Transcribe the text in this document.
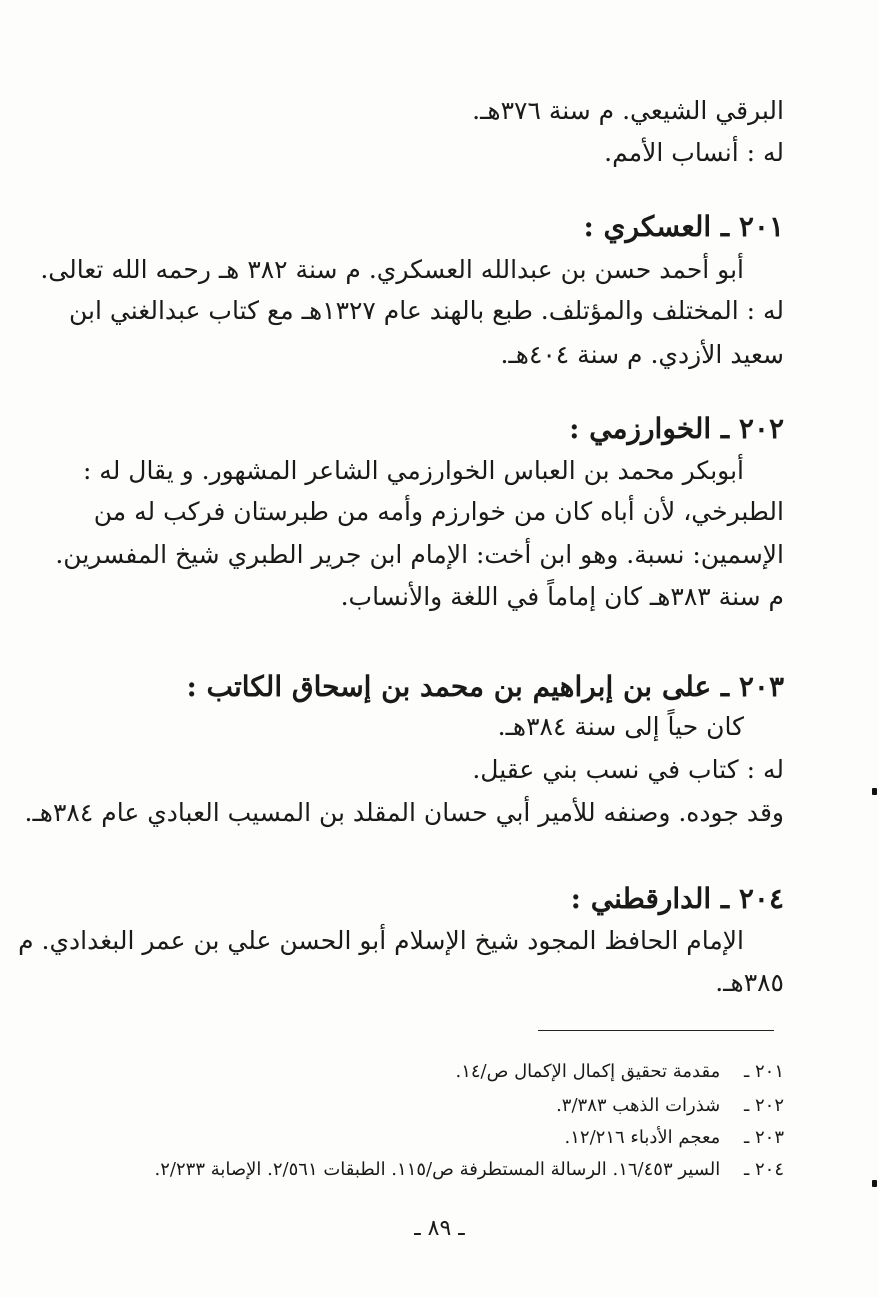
البرقي الشيعي. م سنة ٣٧٦هـ.
له : أنساب الأمم.
٢٠١ ـ العسكري :
أبو أحمد حسن بن عبدالله العسكري. م سنة ٣٨٢ هـ رحمه الله تعالى.
له : المختلف والمؤتلف. طبع بالهند عام ١٣٢٧هـ مع كتاب عبدالغني ابن
سعيد الأزدي. م سنة ٤٠٤هـ.
٢٠٢ ـ الخوارزمي :
أبوبكر محمد بن العباس الخوارزمي الشاعر المشهور. و يقال له :
الطبرخي، لأن أباه كان من خوارزم وأمه من طبرستان فركب له من
الإسمين: نسبة. وهو ابن أخت: الإمام ابن جرير الطبري شيخ المفسرين.
م سنة ٣٨٣هـ كان إماماً في اللغة والأنساب.
٢٠٣ ـ على بن إبراهيم بن محمد بن إسحاق الكاتب :
كان حياً إلى سنة ٣٨٤هـ.
له : كتاب في نسب بني عقيل.
وقد جوده. وصنفه للأمير أبي حسان المقلد بن المسيب العبادي عام ٣٨٤هـ.
٢٠٤ ـ الدارقطني :
الإمام الحافظ المجود شيخ الإسلام أبو الحسن علي بن عمر البغدادي. م
٣٨٥هـ.
٢٠١ ـ مقدمة تحقيق إكمال الإكمال ص/١٤.
٢٠٢ ـ شذرات الذهب ٣/٣٨٣.
٢٠٣ ـ معجم الأدباء ١٢/٢١٦.
٢٠٤ ـ السير ١٦/٤٥٣. الرسالة المستطرفة ص/١١٥. الطبقات ٢/٥٦١. الإصابة ٢/٢٣٣.
ـ ٨٩ ـ
